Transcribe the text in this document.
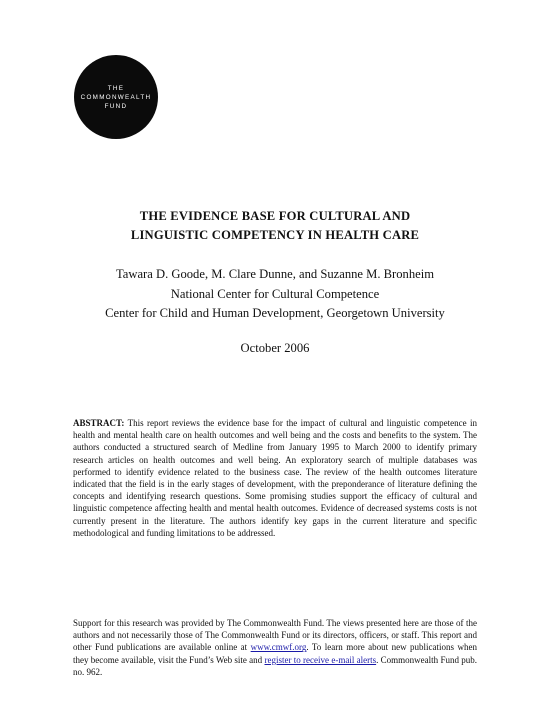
THE
COMMONWEALTH
FUND
THE EVIDENCE BASE FOR CULTURAL AND
LINGUISTIC COMPETENCY IN HEALTH CARE
Tawara D. Goode, M. Clare Dunne, and Suzanne M. Bronheim
National Center for Cultural Competence
Center for Child and Human Development, Georgetown University
October 2006
ABSTRACT: This report reviews the evidence base for the impact of cultural and linguistic competence in health and mental health care on health outcomes and well being and the costs and benefits to the system. The authors conducted a structured search of Medline from January 1995 to March 2000 to identify primary research articles on health outcomes and well being. An exploratory search of multiple databases was performed to identify evidence related to the business case. The review of the health outcomes literature indicated that the field is in the early stages of development, with the preponderance of literature defining the concepts and identifying research questions. Some promising studies support the efficacy of cultural and linguistic competence affecting health and mental health outcomes. Evidence of decreased systems costs is not currently present in the literature. The authors identify key gaps in the current literature and specific methodological and funding limitations to be addressed.
Support for this research was provided by The Commonwealth Fund. The views presented here are those of the authors and not necessarily those of The Commonwealth Fund or its directors, officers, or staff. This report and other Fund publications are available online at www.cmwf.org. To learn more about new publications when they become available, visit the Fund’s Web site and register to receive e-mail alerts. Commonwealth Fund pub. no. 962.
